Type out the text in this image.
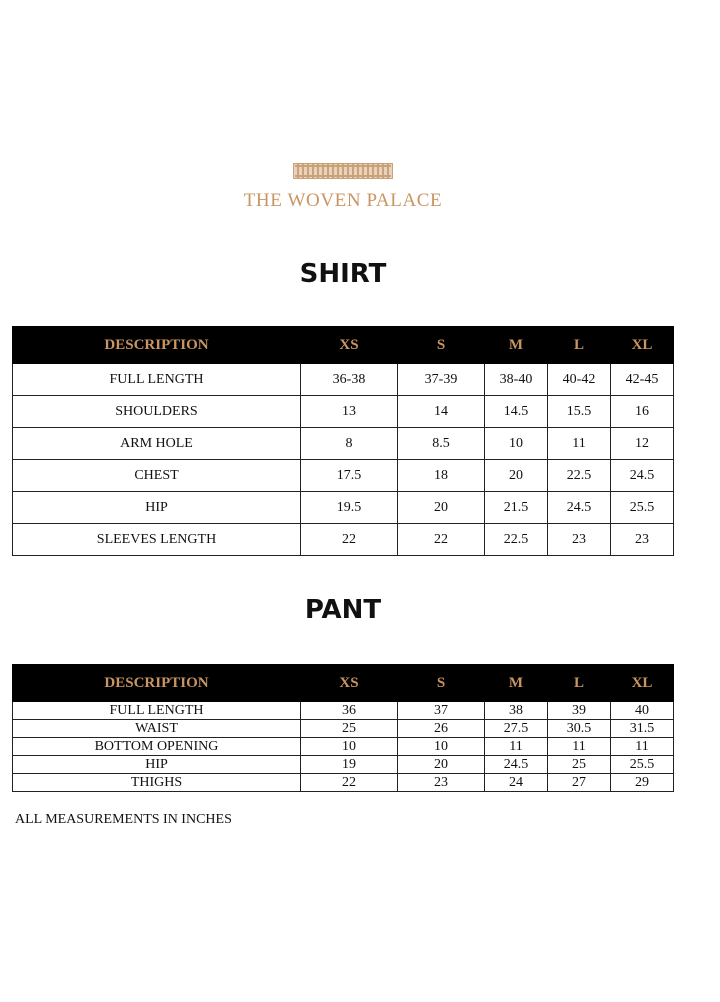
THE WOVEN PALACE
SHIRT
DESCRIPTION	XS	S	M	L	XL
FULL LENGTH	36-38	37-39	38-40	40-42	42-45
SHOULDERS	13	14	14.5	15.5	16
ARM HOLE	8	8.5	10	11	12
CHEST	17.5	18	20	22.5	24.5
HIP	19.5	20	21.5	24.5	25.5
SLEEVES LENGTH	22	22	22.5	23	23
PANT
DESCRIPTION	XS	S	M	L	XL
FULL LENGTH	36	37	38	39	40
WAIST	25	26	27.5	30.5	31.5
BOTTOM OPENING	10	10	11	11	11
HIP	19	20	24.5	25	25.5
THIGHS	22	23	24	27	29

ALL MEASUREMENTS IN INCHES
